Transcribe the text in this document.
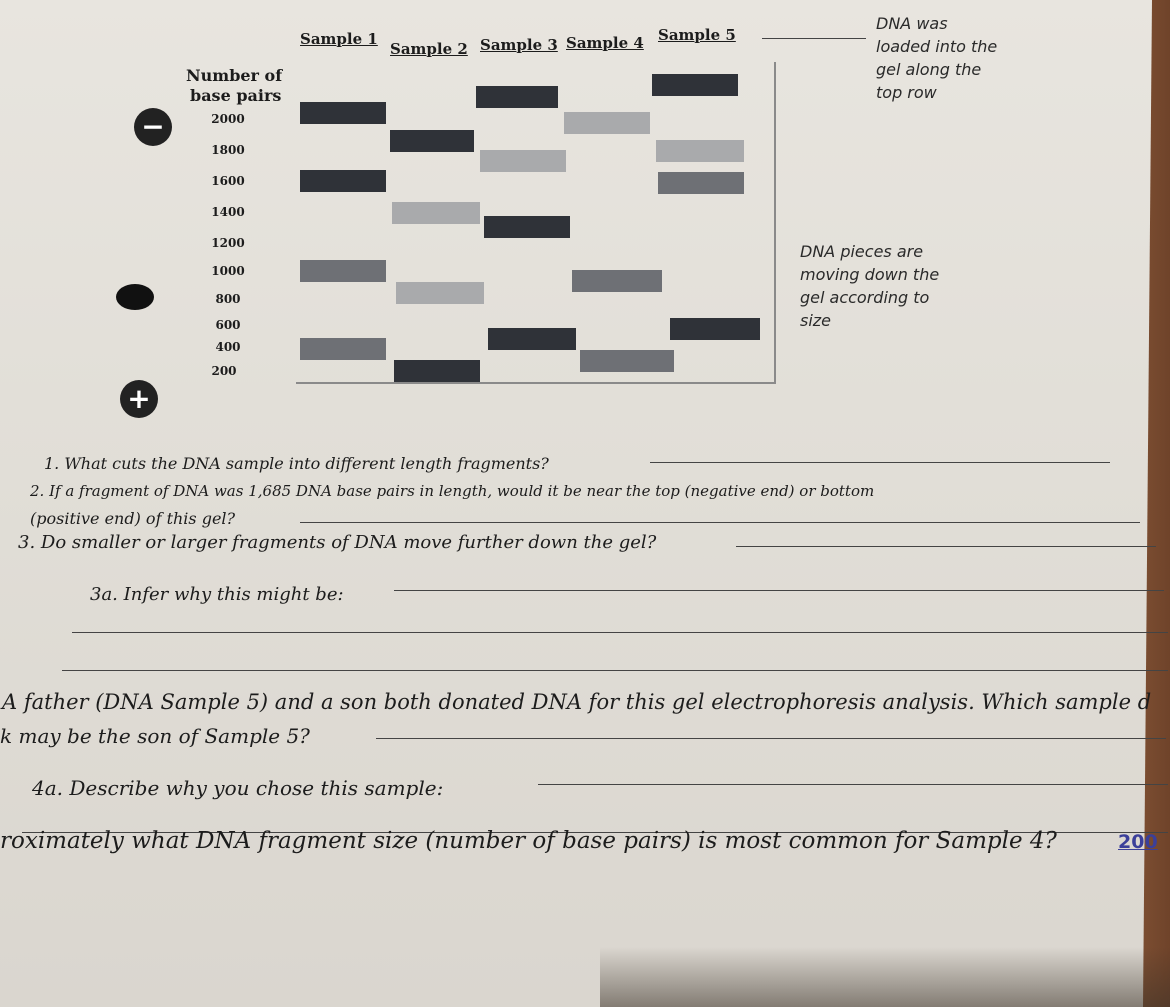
Number of
base pairs
−
+
2000
1800
1600
1400
1200
1000
800
600
400
200
Sample 1
Sample 2 Sample 3 Sample 4 Sample 5
DNA was
loaded into the
gel along the
top row
DNA pieces are
moving down the
gel according to
size
1. What cuts the DNA sample into different length fragments?
2. If a fragment of DNA was 1,685 DNA base pairs in length, would it be near the top (negative end) or bottom
(positive end) of this gel?
3. Do smaller or larger fragments of DNA move further down the gel?
3a. Infer why this might be:
A father (DNA Sample 5) and a son both donated DNA for this gel electrophoresis analysis. Which sample d
k may be the son of Sample 5?
4a. Describe why you chose this sample:
roximately what DNA fragment size (number of base pairs) is most common for Sample 4?	200
